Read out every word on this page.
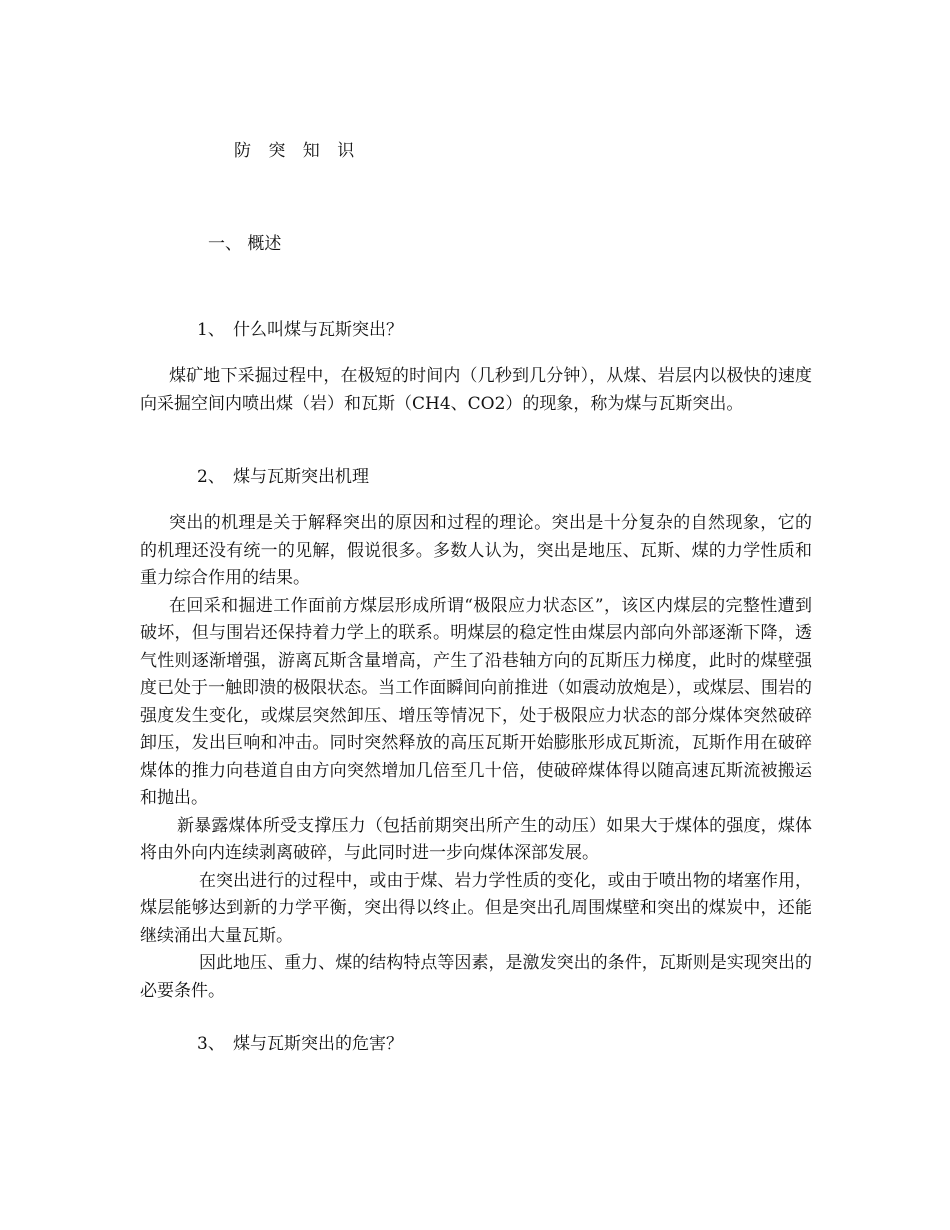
防 突 知 识
一、 概述
1、 什么叫煤与瓦斯突出？

煤矿地下采掘过程中，在极短的时间内（几秒到几分钟），从煤、岩层内以极快的速度向采掘空间内喷出煤（岩）和瓦斯（CH4、CO2）的现象，称为煤与瓦斯突出。

2、 煤与瓦斯突出机理

突出的机理是关于解释突出的原因和过程的理论。突出是十分复杂的自然现象，它的的机理还没有统一的见解，假说很多。多数人认为，突出是地压、瓦斯、煤的力学性质和重力综合作用的结果。

在回采和掘进工作面前方煤层形成所谓“极限应力状态区”，该区内煤层的完整性遭到破坏，但与围岩还保持着力学上的联系。明煤层的稳定性由煤层内部向外部逐渐下降，透气性则逐渐增强，游离瓦斯含量增高，产生了沿巷轴方向的瓦斯压力梯度，此时的煤壁强度已处于一触即溃的极限状态。当工作面瞬间向前推进（如震动放炮是），或煤层、围岩的强度发生变化，或煤层突然卸压、增压等情况下，处于极限应力状态的部分煤体突然破碎卸压，发出巨响和冲击。同时突然释放的高压瓦斯开始膨胀形成瓦斯流，瓦斯作用在破碎煤体的推力向巷道自由方向突然增加几倍至几十倍，使破碎煤体得以随高速瓦斯流被搬运和抛出。

新暴露煤体所受支撑压力（包括前期突出所产生的动压）如果大于煤体的强度，煤体将由外向内连续剥离破碎，与此同时进一步向煤体深部发展。

在突出进行的过程中，或由于煤、岩力学性质的变化，或由于喷出物的堵塞作用，煤层能够达到新的力学平衡，突出得以终止。但是突出孔周围煤壁和突出的煤炭中，还能继续涌出大量瓦斯。

因此地压、重力、煤的结构特点等因素，是激发突出的条件，瓦斯则是实现突出的必要条件。

3、 煤与瓦斯突出的危害？
